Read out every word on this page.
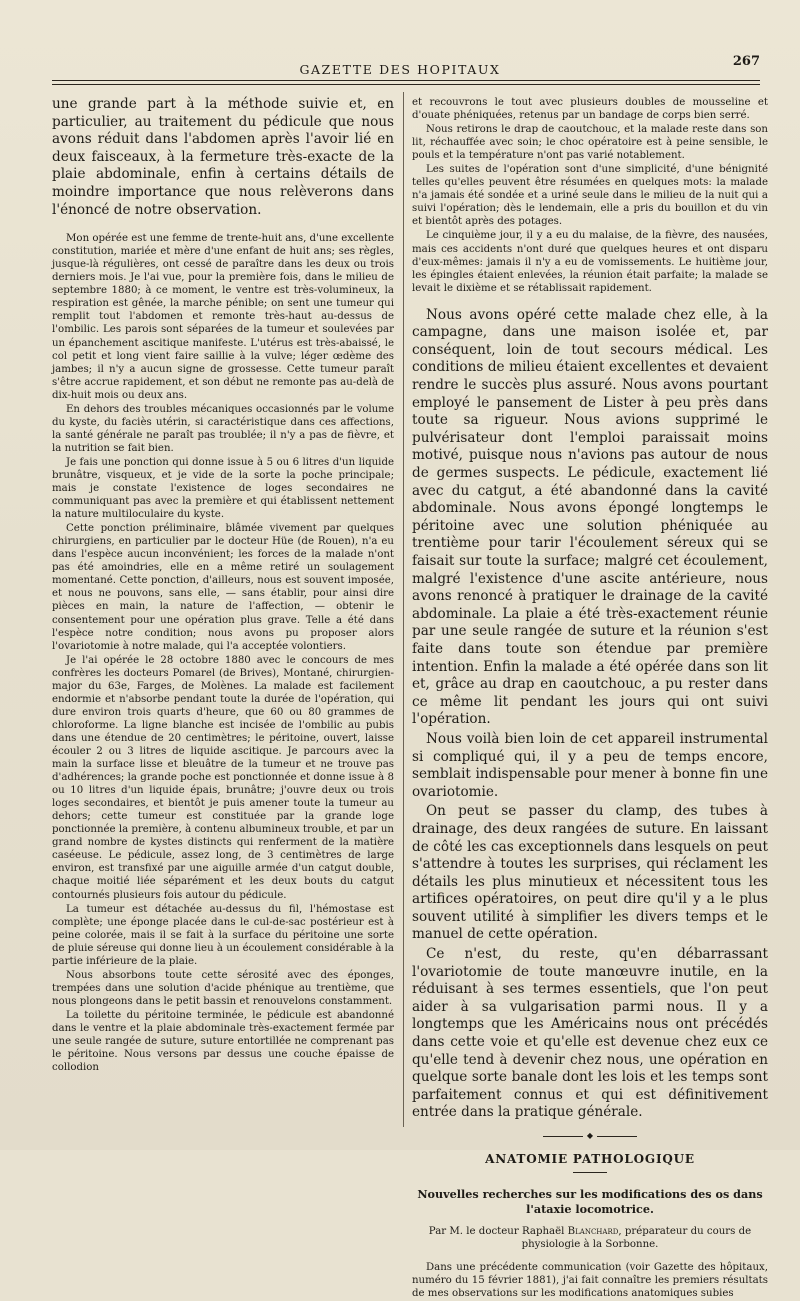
GAZETTE DES HOPITAUX
267

une grande part à la méthode suivie et, en particulier, au traitement du pédicule que nous avons réduit dans l'abdomen après l'avoir lié en deux faisceaux, à la fermeture très-exacte de la plaie abdominale, enfin à certains détails de moindre importance que nous relèverons dans l'énoncé de notre observation.

Mon opérée est une femme de trente-huit ans, d'une excellente constitution, mariée et mère d'une enfant de huit ans; ses règles, jusque-là régulières, ont cessé de paraître dans les deux ou trois derniers mois. Je l'ai vue, pour la première fois, dans le milieu de septembre 1880; à ce moment, le ventre est très-volumineux, la respiration est gênée, la marche pénible; on sent une tumeur qui remplit tout l'abdomen et remonte très-haut au-dessus de l'ombilic. Les parois sont séparées de la tumeur et soulevées par un épanchement ascitique manifeste. L'utérus est très-abaissé, le col petit et long vient faire saillie à la vulve; léger œdème des jambes; il n'y a aucun signe de grossesse. Cette tumeur paraît s'être accrue rapidement, et son début ne remonte pas au-delà de dix-huit mois ou deux ans.

En dehors des troubles mécaniques occasionnés par le volume du kyste, du faciès utérin, si caractéristique dans ces affections, la santé générale ne paraît pas troublée; il n'y a pas de fièvre, et la nutrition se fait bien.

Je fais une ponction qui donne issue à 5 ou 6 litres d'un liquide brunâtre, visqueux, et je vide de la sorte la poche principale; mais je constate l'existence de loges secondaires ne communiquant pas avec la première et qui établissent nettement la nature multiloculaire du kyste.

Cette ponction préliminaire, blâmée vivement par quelques chirurgiens, en particulier par le docteur Hüe (de Rouen), n'a eu dans l'espèce aucun inconvénient; les forces de la malade n'ont pas été amoindries, elle en a même retiré un soulagement momentané. Cette ponction, d'ailleurs, nous est souvent imposée, et nous ne pouvons, sans elle, — sans établir, pour ainsi dire pièces en main, la nature de l'affection, — obtenir le consentement pour une opération plus grave. Telle a été dans l'espèce notre condition; nous avons pu proposer alors l'ovariotomie à notre malade, qui l'a acceptée volontiers.

Je l'ai opérée le 28 octobre 1880 avec le concours de mes confrères les docteurs Pomarel (de Brives), Montané, chirurgien-major du 63e, Farges, de Molènes. La malade est facilement endormie et n'absorbe pendant toute la durée de l'opération, qui dure environ trois quarts d'heure, que 60 ou 80 grammes de chloroforme. La ligne blanche est incisée de l'ombilic au pubis dans une étendue de 20 centimètres; le péritoine, ouvert, laisse écouler 2 ou 3 litres de liquide ascitique. Je parcours avec la main la surface lisse et bleuâtre de la tumeur et ne trouve pas d'adhérences; la grande poche est ponctionnée et donne issue à 8 ou 10 litres d'un liquide épais, brunâtre; j'ouvre deux ou trois loges secondaires, et bientôt je puis amener toute la tumeur au dehors; cette tumeur est constituée par la grande loge ponctionnée la première, à contenu albumineux trouble, et par un grand nombre de kystes distincts qui renferment de la matière caséeuse. Le pédicule, assez long, de 3 centimètres de large environ, est transfixé par une aiguille armée d'un catgut double, chaque moitié liée séparément et les deux bouts du catgut contournés plusieurs fois autour du pédicule.

La tumeur est détachée au-dessus du fil, l'hémostase est complète; une éponge placée dans le cul-de-sac postérieur est à peine colorée, mais il se fait à la surface du péritoine une sorte de pluie séreuse qui donne lieu à un écoulement considérable à la partie inférieure de la plaie.

Nous absorbons toute cette sérosité avec des éponges, trempées dans une solution d'acide phénique au trentième, que nous plongeons dans le petit bassin et renouvelons constamment.

La toilette du péritoine terminée, le pédicule est abandonné dans le ventre et la plaie abdominale très-exactement fermée par une seule rangée de suture, suture entortillée ne comprenant pas le péritoine. Nous versons par dessus une couche épaisse de collodion

et recouvrons le tout avec plusieurs doubles de mousseline et d'ouate phéniquées, retenus par un bandage de corps bien serré.

Nous retirons le drap de caoutchouc, et la malade reste dans son lit, réchauffée avec soin; le choc opératoire est à peine sensible, le pouls et la température n'ont pas varié notablement.

Les suites de l'opération sont d'une simplicité, d'une bénignité telles qu'elles peuvent être résumées en quelques mots: la malade n'a jamais été sondée et a uriné seule dans le milieu de la nuit qui a suivi l'opération; dès le lendemain, elle a pris du bouillon et du vin et bientôt après des potages.

Le cinquième jour, il y a eu du malaise, de la fièvre, des nausées, mais ces accidents n'ont duré que quelques heures et ont disparu d'eux-mêmes: jamais il n'y a eu de vomissements. Le huitième jour, les épingles étaient enlevées, la réunion était parfaite; la malade se levait le dixième et se rétablissait rapidement.

Nous avons opéré cette malade chez elle, à la campagne, dans une maison isolée et, par conséquent, loin de tout secours médical. Les conditions de milieu étaient excellentes et devaient rendre le succès plus assuré. Nous avons pourtant employé le pansement de Lister à peu près dans toute sa rigueur. Nous avions supprimé le pulvérisateur dont l'emploi paraissait moins motivé, puisque nous n'avions pas autour de nous de germes suspects. Le pédicule, exactement lié avec du catgut, a été abandonné dans la cavité abdominale. Nous avons épongé longtemps le péritoine avec une solution phéniquée au trentième pour tarir l'écoulement séreux qui se faisait sur toute la surface; malgré cet écoulement, malgré l'existence d'une ascite antérieure, nous avons renoncé à pratiquer le drainage de la cavité abdominale. La plaie a été très-exactement réunie par une seule rangée de suture et la réunion s'est faite dans toute son étendue par première intention. Enfin la malade a été opérée dans son lit et, grâce au drap en caoutchouc, a pu rester dans ce même lit pendant les jours qui ont suivi l'opération.

Nous voilà bien loin de cet appareil instrumental si compliqué qui, il y a peu de temps encore, semblait indispensable pour mener à bonne fin une ovariotomie.

On peut se passer du clamp, des tubes à drainage, des deux rangées de suture. En laissant de côté les cas exceptionnels dans lesquels on peut s'attendre à toutes les surprises, qui réclament les détails les plus minutieux et nécessitent tous les artifices opératoires, on peut dire qu'il y a le plus souvent utilité à simplifier les divers temps et le manuel de cette opération.

Ce n'est, du reste, qu'en débarrassant l'ovariotomie de toute manœuvre inutile, en la réduisant à ses termes essentiels, que l'on peut aider à sa vulgarisation parmi nous. Il y a longtemps que les Américains nous ont précédés dans cette voie et qu'elle est devenue chez eux ce qu'elle tend à devenir chez nous, une opération en quelque sorte banale dont les lois et les temps sont parfaitement connus et qui est définitivement entrée dans la pratique générale.

◆
ANATOMIE PATHOLOGIQUE
Nouvelles recherches sur les modifications des os dans l'ataxie locomotrice.
Par M. le docteur Raphaël Blanchard, préparateur du cours de physiologie à la Sorbonne.

Dans une précédente communication (voir Gazette des hôpitaux, numéro du 15 février 1881), j'ai fait connaître les premiers résultats de mes observations sur les modifications anatomiques subies
